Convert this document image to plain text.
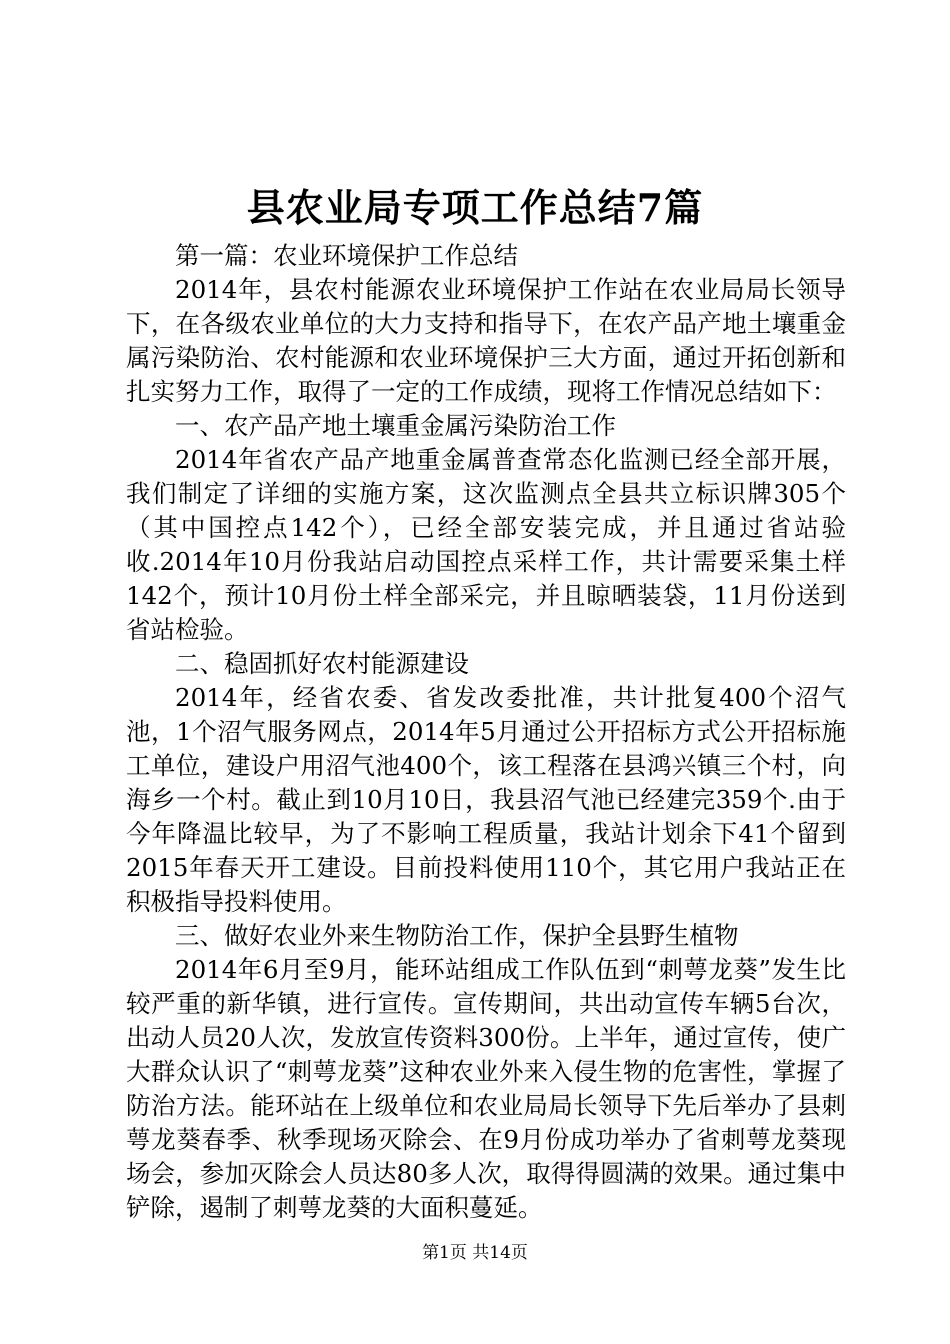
县农业局专项工作总结7篇

第一篇：农业环境保护工作总结

2014年，县农村能源农业环境保护工作站在农业局局长领导下，在各级农业单位的大力支持和指导下，在农产品产地土壤重金属污染防治、农村能源和农业环境保护三大方面，通过开拓创新和扎实努力工作，取得了一定的工作成绩，现将工作情况总结如下：

一、农产品产地土壤重金属污染防治工作

2014年省农产品产地重金属普查常态化监测已经全部开展，我们制定了详细的实施方案，这次监测点全县共立标识牌305个（其中国控点142个），已经全部安装完成，并且通过省站验收.2014年10月份我站启动国控点采样工作，共计需要采集土样142个，预计10月份土样全部采完，并且晾晒装袋，11月份送到省站检验。

二、稳固抓好农村能源建设

2014年，经省农委、省发改委批准，共计批复400个沼气池，1个沼气服务网点，2014年5月通过公开招标方式公开招标施工单位，建设户用沼气池400个，该工程落在县鸿兴镇三个村，向海乡一个村。截止到10月10日，我县沼气池已经建完359个.由于今年降温比较早，为了不影响工程质量，我站计划余下41个留到2015年春天开工建设。目前投料使用110个，其它用户我站正在积极指导投料使用。

三、做好农业外来生物防治工作，保护全县野生植物

2014年6月至9月，能环站组成工作队伍到“刺萼龙葵”发生比较严重的新华镇，进行宣传。宣传期间，共出动宣传车辆5台次，出动人员20人次，发放宣传资料300份。上半年，通过宣传，使广大群众认识了“刺萼龙葵”这种农业外来入侵生物的危害性，掌握了防治方法。能环站在上级单位和农业局局长领导下先后举办了县刺萼龙葵春季、秋季现场灭除会、在9月份成功举办了省刺萼龙葵现场会，参加灭除会人员达80多人次，取得得圆满的效果。通过集中铲除，遏制了刺萼龙葵的大面积蔓延。

第1页 共14页
